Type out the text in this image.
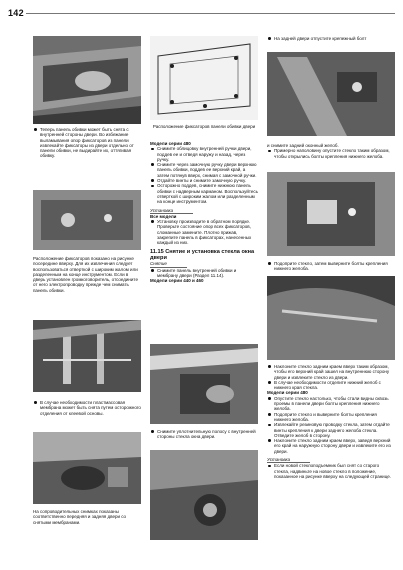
142

Теперь панель обивки может быть снята с внутренней стороны двери. Во избежание выламывания опор фиксаторов из панели извлекайте фиксаторы из двери отдельно от панели обивки, не выдирайте их, оттягивая обивку.

Расположение фиксаторов показано на рисунке посередине вверху. Для их извлечения следует воспользоваться отверткой с широким жалом или разделенным на конце инструментом. Если в дверь установлен громкоговоритель, отсоедините от него электропроводку прежде чем снимать панель обивки.

В случае необходимости пластмассовая мембрана может быть снята путем осторожного отделения от клеевой основы.

На сопроводительных снимках показаны соответственно передняя и задняя двери со снятыми мембранами.

Расположение фиксаторов панели обивки двери

Модели серии 480

Снимите облицовку внутренней ручки двери, поддев ее и отведя наружу и назад, через ручку.

Снимите через замочную ручку двери верхнюю панель обивки, поддев ее верхний край, а затем потянув вверх, снимая с замочной ручки.

Отдайте винты и снимите замочную ручку.

Осторожно поддев, снимите нижнюю панель обивки с надверным карманом. Воспользуйтесь отверткой с широким жалом или разделенным на конце инструментом.

Установка

Все модели

Установку производите в обратном порядке. Проверьте состояние опор всех фиксаторов, сломанные замените. Плотно прижав, закрепите панель в фиксаторах, нанесенных каждый из них.

11.15 Снятие и установка стекла окна двери

Снятие

Снимите панель внутренней обивки и мембрану двери (Раздел 11.14).

Модели серии 440 и 460

Снимите уплотнительную полосу с внутренней стороны стекла окна двери.

На задней двери отпустите крепежный болт

и снимите задний оконный желоб.

Примерно наполовину опустите стекло таким образом, чтобы открылись болты крепления нижнего желоба.

Подоприте стекло, затем выверните болты крепления нижнего желоба.

Наклоните стекло задним краем вверх таким образом, чтобы его верхний край зашел на внутреннюю сторону двери и извлеките стекло из двери.

В случае необходимости отделите нижний желоб с нижнего края стекла.

Модели серии 480

Опустите стекло настолько, чтобы стали видны сквозь проемы в панели двери болты крепления нижнего желоба.

Подоприте стекло и выверните болты крепления нижнего желоба.

Извлекайте резиновую проводку стекла, затем отдайте винты крепления к двери заднего желоба стекла. Отведите желоб в сторону.

Наклоните стекло задним краем вверх, заведя верхний его край на наружную сторону двери и извлеките его из двери.

Установка

Если новой стеклоподъемник был снят со старого стекла, надвиньте на новое стекло в положение, показанное на рисунке вверху на следующей странице.
